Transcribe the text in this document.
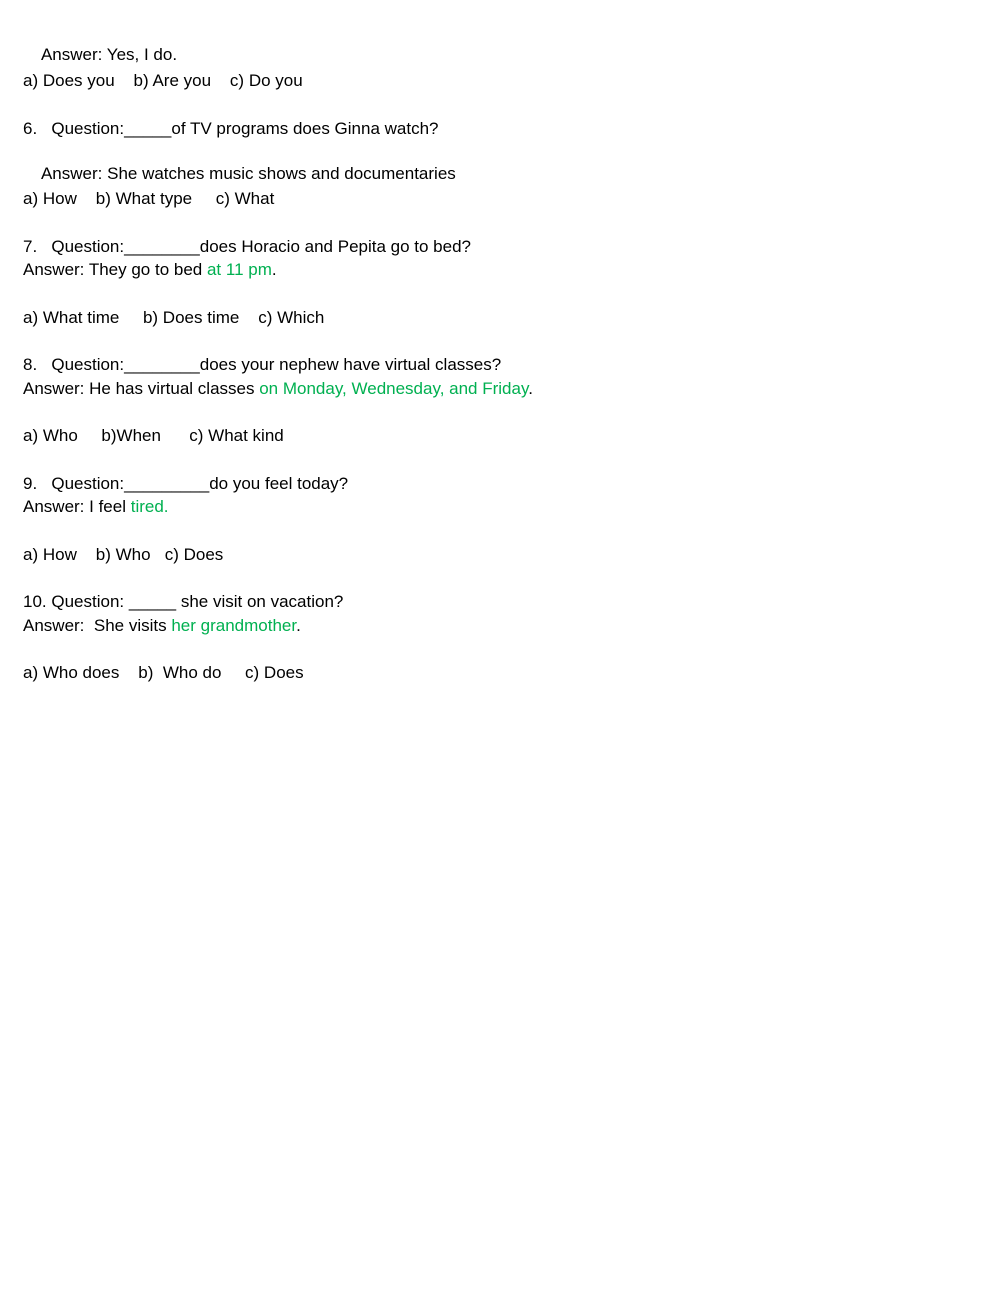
Answer: Yes, I do.

a) Does you    b) Are you    c) Do you
6.   Question:_____of TV programs does Ginna watch?

Answer: She watches music shows and documentaries

a) How    b) What type     c) What
7.   Question:________does Horacio and Pepita go to bed?
Answer: They go to bed at 11 pm.
a) What time     b) Does time    c) Which
8.   Question:________does your nephew have virtual classes?
Answer: He has virtual classes on Monday, Wednesday, and Friday.
a) Who     b)When      c) What kind
9.   Question:_________do you feel today?
Answer: I feel tired.
a) How    b) Who   c) Does
10. Question: _____ she visit on vacation?
Answer:  She visits her grandmother.
a) Who does    b)  Who do     c) Does
